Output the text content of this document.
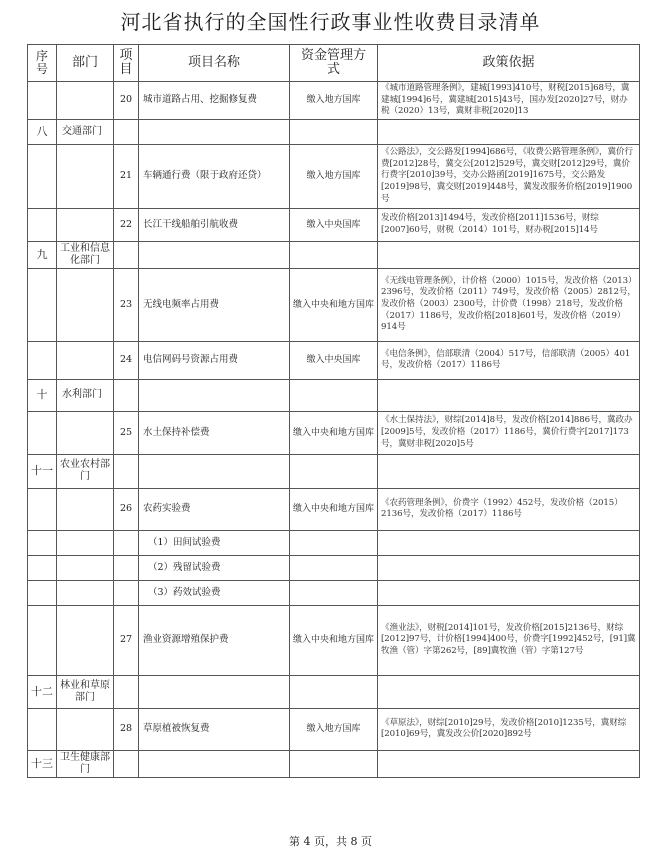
河北省执行的全国性行政事业性收费目录清单
序号	部门	项目	项目名称	资金管理方式	政策依据
		20	城市道路占用、挖掘修复费	缴入地方国库	《城市道路管理条例》，建城[1993]410号，财税[2015]68号，冀建城[1994]6号，冀建城[2015]43号，国办发[2020]27号，财办税（2020）13号，冀财非税[2020]13
八	交通部门				
		21	车辆通行费（限于政府还贷）	缴入地方国库	《公路法》，交公路发[1994]686号，《收费公路管理条例》，冀价行费[2012]28号，冀交公[2012]529号，冀交财[2012]29号，冀价行费字[2010]39号，交办公路函[2019]1675号，交公路发[2019]98号，冀交财[2019]448号，冀发改服务价格[2019]1900号
		22	长江干线船舶引航收费	缴入中央国库	发改价格[2013]1494号，发改价格[2011]1536号，财综[2007]60号，财税（2014）101号，财办税[2015]14号
九	工业和信息化部门				
		23	无线电频率占用费	缴入中央和地方国库	《无线电管理条例》，计价格（2000）1015号，发改价格（2013）2396号，发改价格（2011）749号，发改价格（2005）2812号，发改价格（2003）2300号，计价费（1998）218号，发改价格（2017）1186号，发改价格[2018]601号，发改价格（2019）914号
		24	电信网码号资源占用费	缴入中央国库	《电信条例》，信部联清（2004）517号，信部联清（2005）401号，发改价格（2017）1186号
十	水利部门				
		25	水土保持补偿费	缴入中央和地方国库	《水土保持法》，财综[2014]8号，发改价格[2014]886号，冀政办[2009]5号，发改价格（2017）1186号，冀价行费字[2017]173号，冀财非税[2020]5号
十一	农业农村部门				
		26	农药实验费	缴入中央和地方国库	《农药管理条例》，价费字（1992）452号，发改价格（2015）2136号，发改价格（2017）1186号
			（1）田间试验费		
			（2）残留试验费		
			（3）药效试验费		
		27	渔业资源增殖保护费	缴入中央和地方国库	《渔业法》，财税[2014]101号，发改价格[2015]2136号，财综[2012]97号，计价格[1994]400号，价费字[1992]452号，[91]冀牧渔（管）字第262号，[89]冀牧渔（管）字第127号
十二	林业和草原部门				
		28	草原植被恢复费	缴入地方国库	《草原法》，财综[2010]29号，发改价格[2010]1235号，冀财综[2010]69号，冀发改公价[2020]892号
十三	卫生健康部门				
第 4 页，共 8 页
